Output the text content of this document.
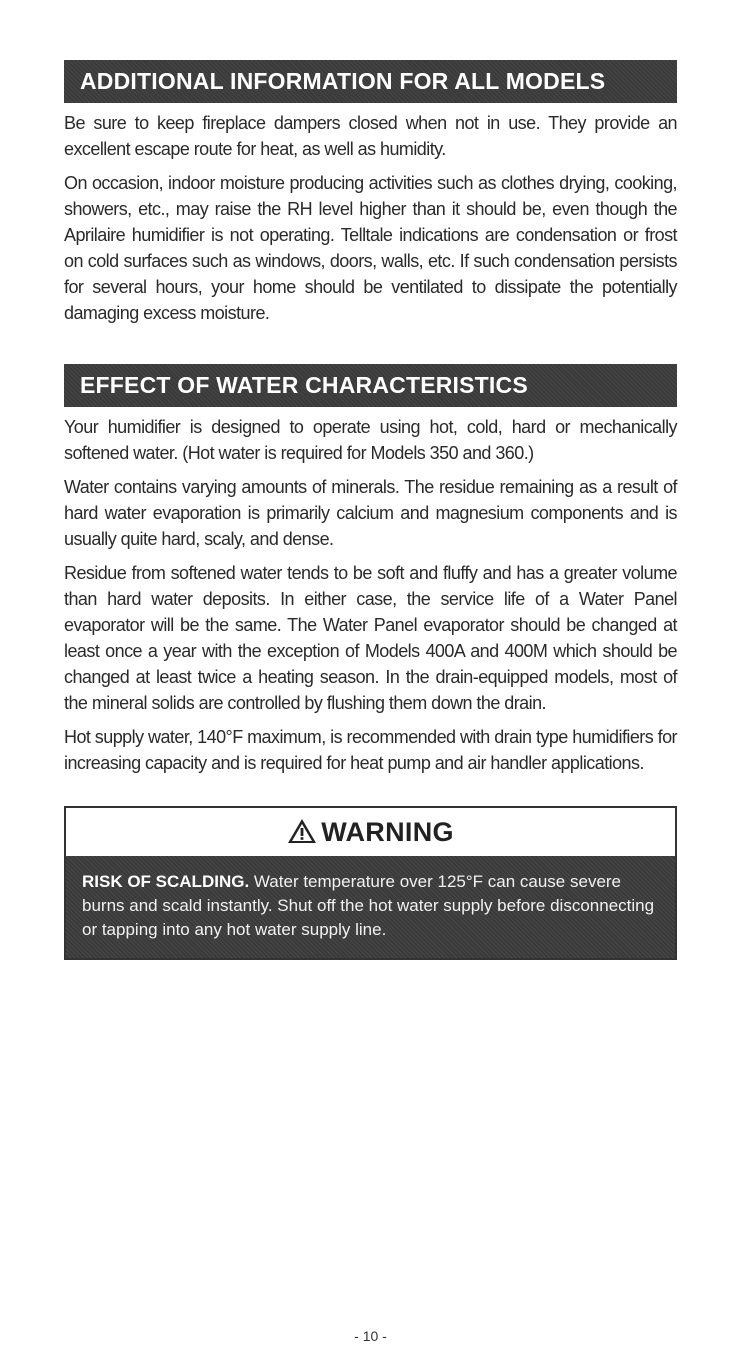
ADDITIONAL INFORMATION FOR ALL MODELS

Be sure to keep fireplace dampers closed when not in use. They provide an excellent escape route for heat, as well as humidity.

On occasion, indoor moisture producing activities such as clothes drying, cooking, showers, etc., may raise the RH level higher than it should be, even though the Aprilaire humidifier is not operating. Telltale indications are condensation or frost on cold surfaces such as windows, doors, walls, etc. If such condensation persists for several hours, your home should be ventilated to dissipate the potentially damaging excess moisture.

EFFECT OF WATER CHARACTERISTICS

Your humidifier is designed to operate using hot, cold, hard or mechanically softened water. (Hot water is required for Models 350 and 360.)

Water contains varying amounts of minerals. The residue remaining as a result of hard water evaporation is primarily calcium and magnesium components and is usually quite hard, scaly, and dense.

Residue from softened water tends to be soft and fluffy and has a greater volume than hard water deposits. In either case, the service life of a Water Panel evaporator will be the same. The Water Panel evaporator should be changed at least once a year with the exception of Models 400A and 400M which should be changed at least twice a heating season. In the drain-equipped models, most of the mineral solids are controlled by flushing them down the drain.

Hot supply water, 140°F maximum, is recommended with drain type humidifiers for increasing capacity and is required for heat pump and air handler applications.

WARNING
RISK OF SCALDING. Water temperature over 125°F can cause severe burns and scald instantly. Shut off the hot water supply before disconnecting or tapping into any hot water supply line.
- 10 -
